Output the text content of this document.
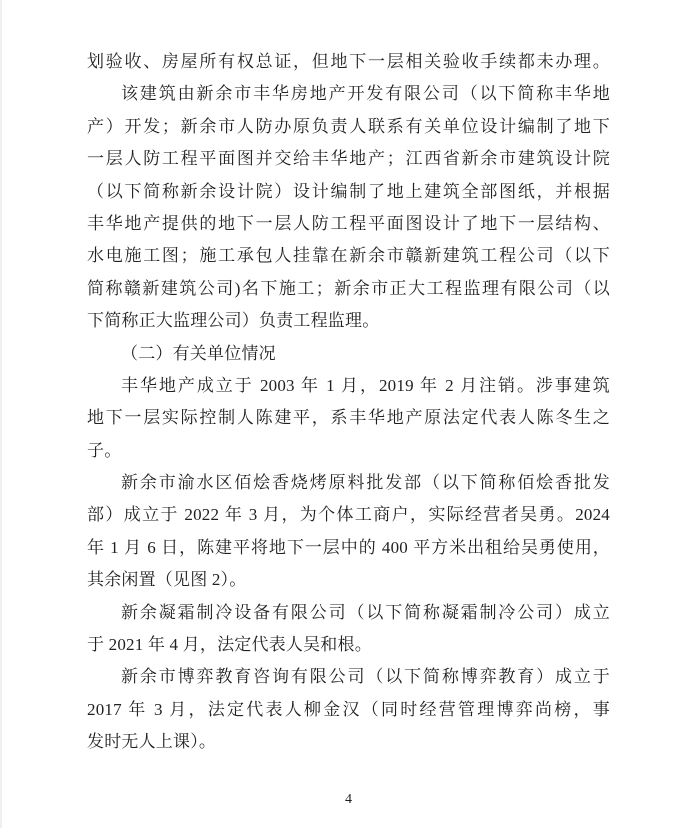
划验收、房屋所有权总证，但地下一层相关验收手续都未办理。

该建筑由新余市丰华房地产开发有限公司（以下简称丰华地

产）开发；新余市人防办原负责人联系有关单位设计编制了地下

一层人防工程平面图并交给丰华地产；江西省新余市建筑设计院

（以下简称新余设计院）设计编制了地上建筑全部图纸，并根据

丰华地产提供的地下一层人防工程平面图设计了地下一层结构、

水电施工图；施工承包人挂靠在新余市赣新建筑工程公司（以下

简称赣新建筑公司)名下施工；新余市正大工程监理有限公司（以

下简称正大监理公司）负责工程监理。

（二）有关单位情况

丰华地产成立于 2003 年 1 月，2019 年 2 月注销。涉事建筑

地下一层实际控制人陈建平，系丰华地产原法定代表人陈冬生之

子。

新余市渝水区佰烩香烧烤原料批发部（以下简称佰烩香批发

部）成立于 2022 年 3 月，为个体工商户，实际经营者吴勇。2024

年 1 月 6 日，陈建平将地下一层中的 400 平方米出租给吴勇使用，

其余闲置（见图 2）。

新余凝霜制冷设备有限公司（以下简称凝霜制冷公司）成立

于 2021 年 4 月，法定代表人吴和根。

新余市博弈教育咨询有限公司（以下简称博弈教育）成立于

2017 年 3 月，法定代表人柳金汉（同时经营管理博弈尚榜，事

发时无人上课）。

4
